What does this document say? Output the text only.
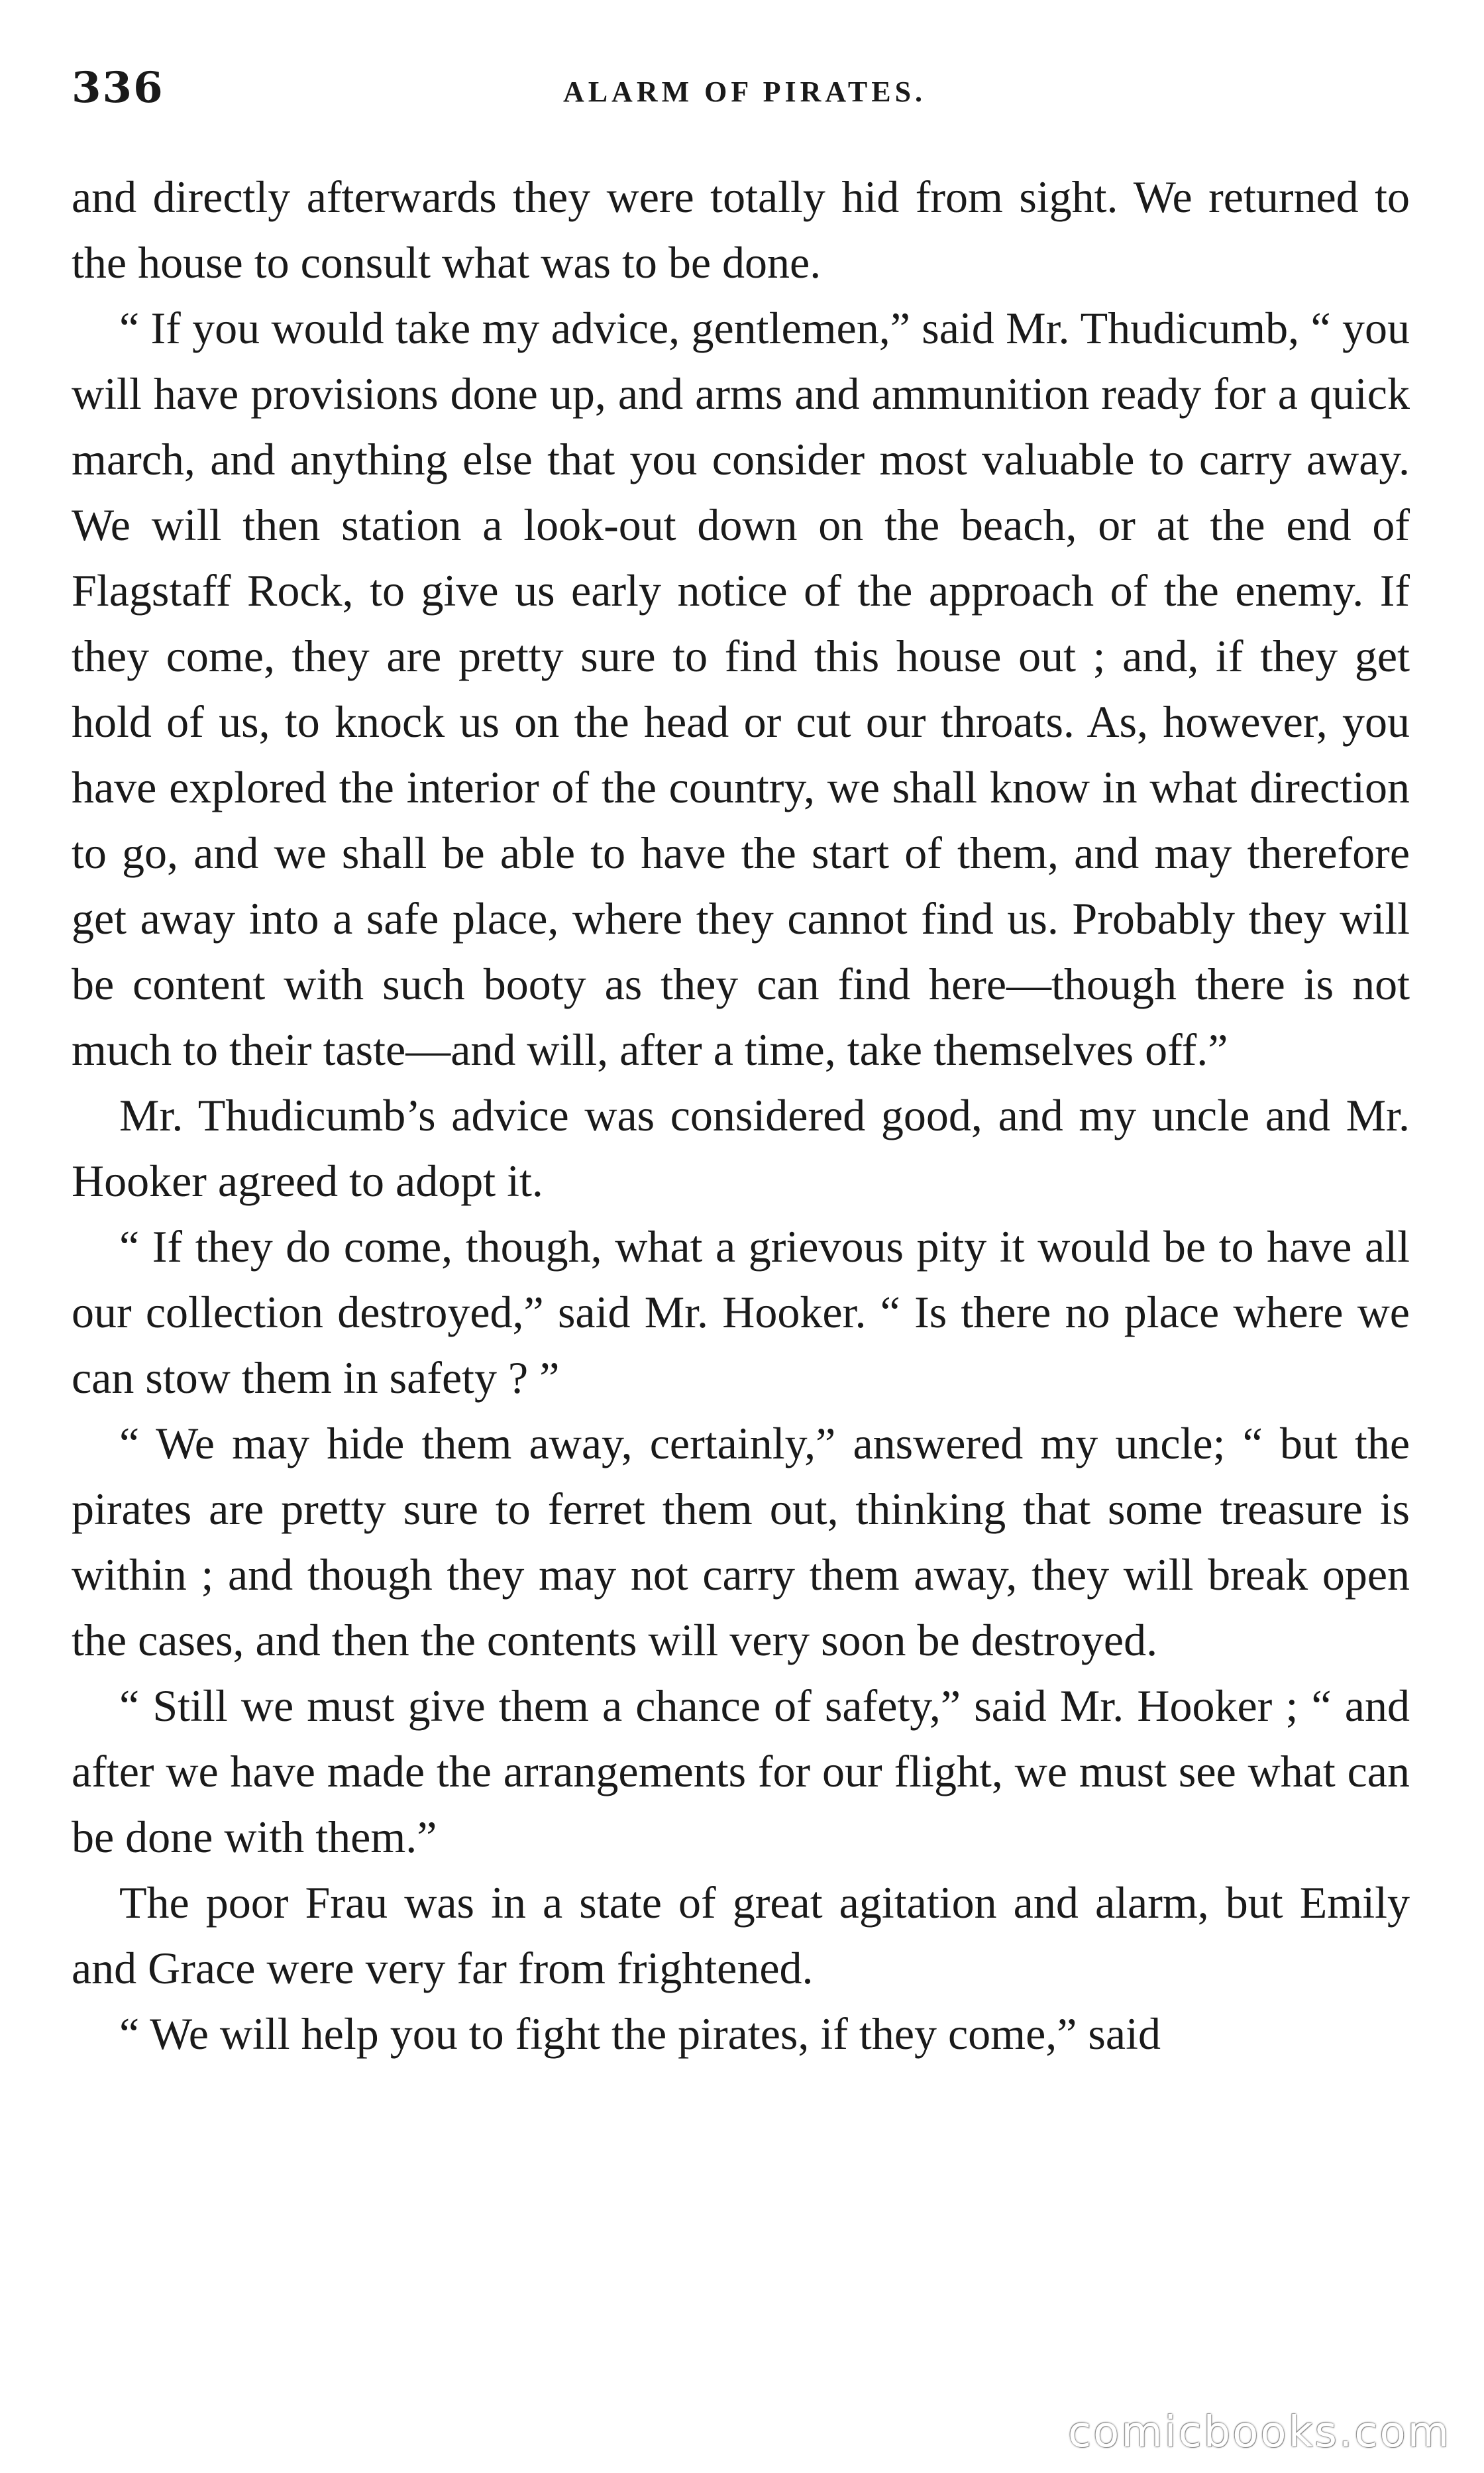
336	ALARM OF PIRATES.

and directly afterwards they were totally hid from sight. We returned to the house to consult what was to be done.

“ If you would take my advice, gentlemen,” said Mr. Thudicumb, “ you will have provisions done up, and arms and ammunition ready for a quick march, and anything else that you consider most valuable to carry away. We will then station a look-out down on the beach, or at the end of Flagstaff Rock, to give us early notice of the approach of the enemy. If they come, they are pretty sure to find this house out ; and, if they get hold of us, to knock us on the head or cut our throats. As, however, you have explored the interior of the country, we shall know in what direction to go, and we shall be able to have the start of them, and may therefore get away into a safe place, where they cannot find us. Probably they will be content with such booty as they can find here—though there is not much to their taste—and will, after a time, take themselves off.”

Mr. Thudicumb’s advice was considered good, and my uncle and Mr. Hooker agreed to adopt it.

“ If they do come, though, what a grievous pity it would be to have all our collection destroyed,” said Mr. Hooker. “ Is there no place where we can stow them in safety ? ”

“ We may hide them away, certainly,” answered my uncle; “ but the pirates are pretty sure to ferret them out, thinking that some treasure is within ; and though they may not carry them away, they will break open the cases, and then the contents will very soon be destroyed.

“ Still we must give them a chance of safety,” said Mr. Hooker ; “ and after we have made the arrangements for our flight, we must see what can be done with them.”

The poor Frau was in a state of great agitation and alarm, but Emily and Grace were very far from frightened.

“ We will help you to fight the pirates, if they come,” said

comicbooks.com
